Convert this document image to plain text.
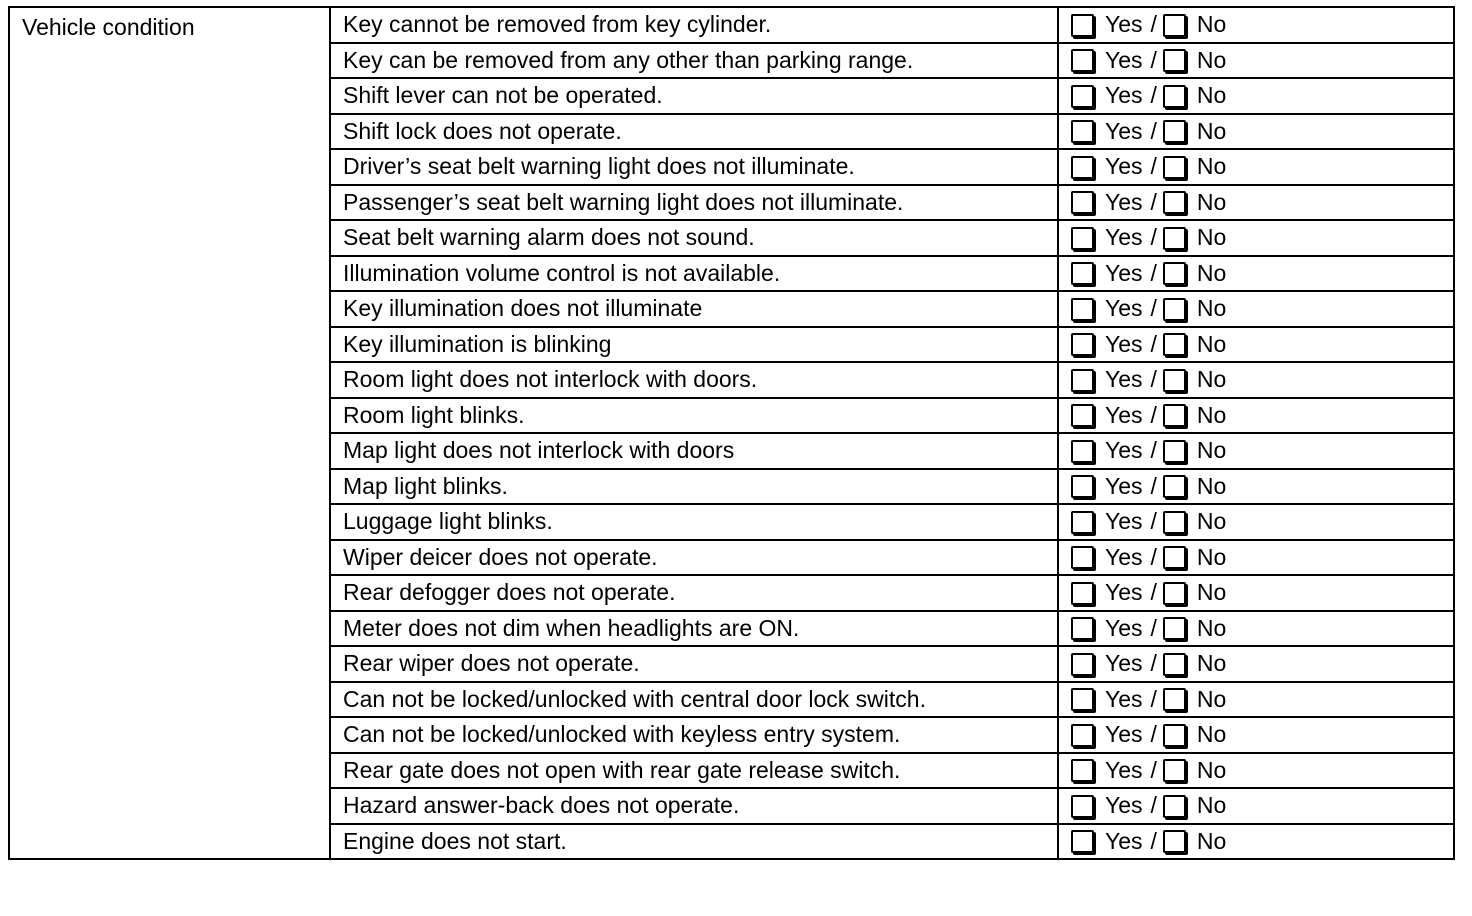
Vehicle condition	Key cannot be removed from key cylinder.	Yes / No

	Key can be removed from any other than parking range.	Yes / No

	Shift lever can not be operated.	Yes / No

	Shift lock does not operate.	Yes / No

	Driver’s seat belt warning light does not illuminate.	Yes / No

	Passenger’s seat belt warning light does not illuminate.	Yes / No

	Seat belt warning alarm does not sound.	Yes / No

	Illumination volume control is not available.	Yes / No

	Key illumination does not illuminate	Yes / No

	Key illumination is blinking	Yes / No

	Room light does not interlock with doors.	Yes / No

	Room light blinks.	Yes / No

	Map light does not interlock with doors	Yes / No

	Map light blinks.	Yes / No

	Luggage light blinks.	Yes / No

	Wiper deicer does not operate.	Yes / No

	Rear defogger does not operate.	Yes / No

	Meter does not dim when headlights are ON.	Yes / No

	Rear wiper does not operate.	Yes / No

	Can not be locked/unlocked with central door lock switch.	Yes / No

	Can not be locked/unlocked with keyless entry system.	Yes / No

	Rear gate does not open with rear gate release switch.	Yes / No

	Hazard answer-back does not operate.	Yes / No

	Engine does not start.	Yes / No
